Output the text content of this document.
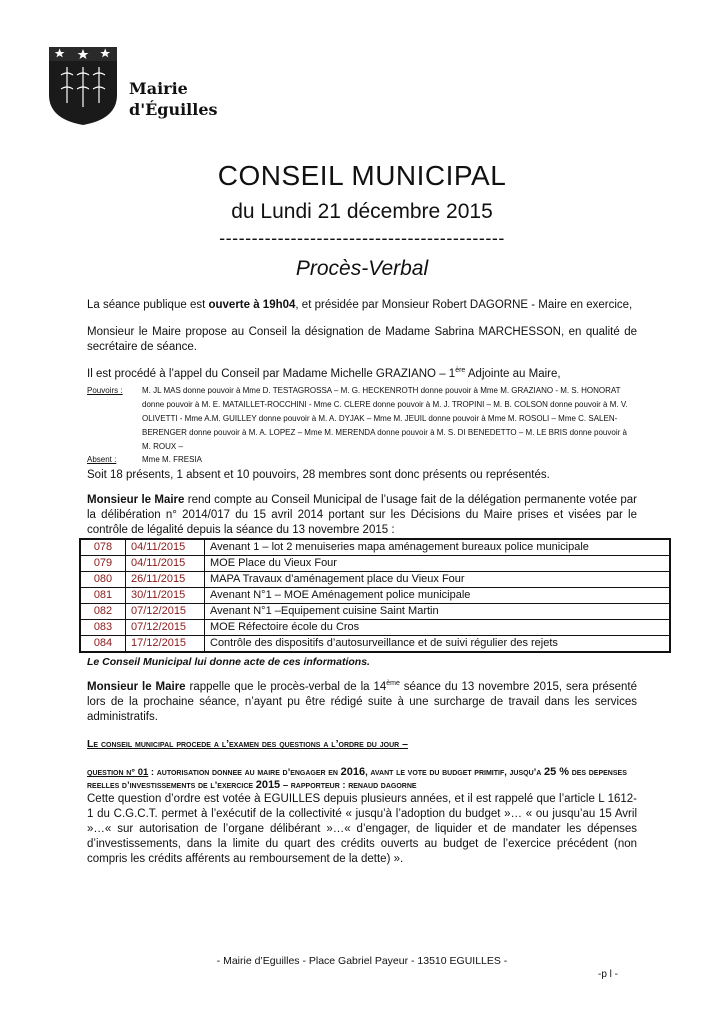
Mairie
d'Éguilles
CONSEIL MUNICIPAL
du Lundi 21 décembre 2015
--------------------------------------------
Procès-Verbal

La séance publique est ouverte à 19h04, et présidée par Monsieur Robert DAGORNE - Maire en exercice,

Monsieur le Maire propose au Conseil la désignation de Madame Sabrina MARCHESSON, en qualité de secrétaire de séance.

Il est procédé à l’appel du Conseil par Madame Michelle GRAZIANO – 1ère Adjointe au Maire,

Pouvoirs :	M. JL MAS donne pouvoir à Mme D. TESTAGROSSA – M. G. HECKENROTH donne pouvoir à Mme M. GRAZIANO - M. S. HONORAT donne pouvoir à M. E. MATAILLET-ROCCHINI - Mme C. CLERE donne pouvoir à M. J. TROPINI – M. B. COLSON donne pouvoir à M. V. OLIVETTI - Mme A.M. GUILLEY donne pouvoir à M. A. DYJAK – Mme M. JEUIL donne pouvoir à Mme M. ROSOLI – Mme C. SALEN-BERENGER donne pouvoir à M. A. LOPEZ – Mme M. MERENDA donne pouvoir à M. S. DI BENEDETTO – M. LE BRIS donne pouvoir à M. ROUX –
Absent :	Mme M. FRESIA

Soit 18 présents, 1 absent et 10 pouvoirs, 28 membres sont donc présents ou représentés.

Monsieur le Maire rend compte au Conseil Municipal de l’usage fait de la délégation permanente votée par la délibération n° 2014/017 du 15 avril 2014 portant sur les Décisions du Maire prises et visées par le contrôle de légalité depuis la séance du 13 novembre 2015 :

078	04/11/2015	Avenant 1 – lot 2 menuiseries mapa aménagement bureaux police municipale
079	04/11/2015	MOE Place du Vieux Four
080	26/11/2015	MAPA Travaux d’aménagement place du Vieux Four
081	30/11/2015	Avenant N°1 – MOE Aménagement police municipale
082	07/12/2015	Avenant N°1 –Equipement cuisine Saint Martin
083	07/12/2015	MOE Réfectoire école du Cros
084	17/12/2015	Contrôle des dispositifs d’autosurveillance et de suivi régulier des rejets

Le Conseil Municipal lui donne acte de ces informations.

Monsieur le Maire rappelle que le procès-verbal de la 14ème séance du 13 novembre 2015, sera présenté lors de la prochaine séance, n’ayant pu être rédigé suite à une surcharge de travail dans les services administratifs.

Le conseil municipal procede a l’examen des questions a l’ordre du jour –

question n° 01 : autorisation donnee au maire d’engager en 2016, avant le vote du budget primitif, jusqu’a 25 % des depenses reelles d’investissements de l’exercice 2015 – rapporteur : renaud dagorne

Cette question d’ordre est votée à EGUILLES depuis plusieurs années, et il est rappelé que l’article L 1612-1 du C.G.C.T. permet à l’exécutif de la collectivité « jusqu’à l’adoption du budget »… « ou jusqu’au 15 Avril »…« sur autorisation de l’organe délibérant »…« d’engager, de liquider et de mandater les dépenses d’investissements, dans la limite du quart des crédits ouverts au budget de l’exercice précédent (non compris les crédits afférents au remboursement de la dette) ».

- Mairie d’Eguilles - Place Gabriel Payeur - 13510 EGUILLES -
-p l -
